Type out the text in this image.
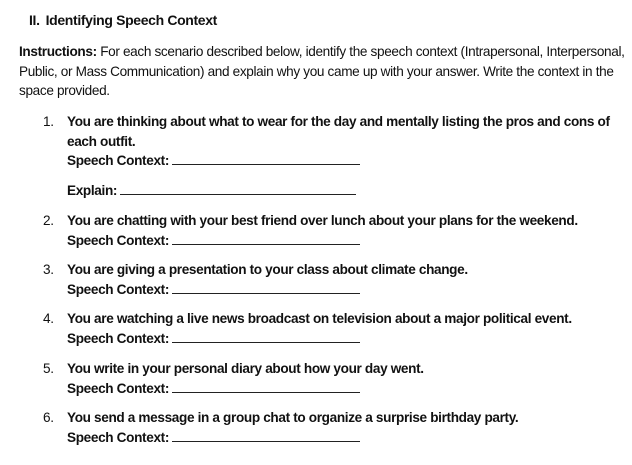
II. Identifying Speech Context
Instructions: For each scenario described below, identify the speech context (Intrapersonal, Interpersonal, Public, or Mass Communication) and explain why you came up with your answer. Write the context in the space provided.
1. You are thinking about what to wear for the day and mentally listing the pros and cons of each outfit.
Speech Context:
Explain:
2. You are chatting with your best friend over lunch about your plans for the weekend.
Speech Context:
3. You are giving a presentation to your class about climate change.
Speech Context:
4. You are watching a live news broadcast on television about a major political event.
Speech Context:
5. You write in your personal diary about how your day went.
Speech Context:
6. You send a message in a group chat to organize a surprise birthday party.
Speech Context:
